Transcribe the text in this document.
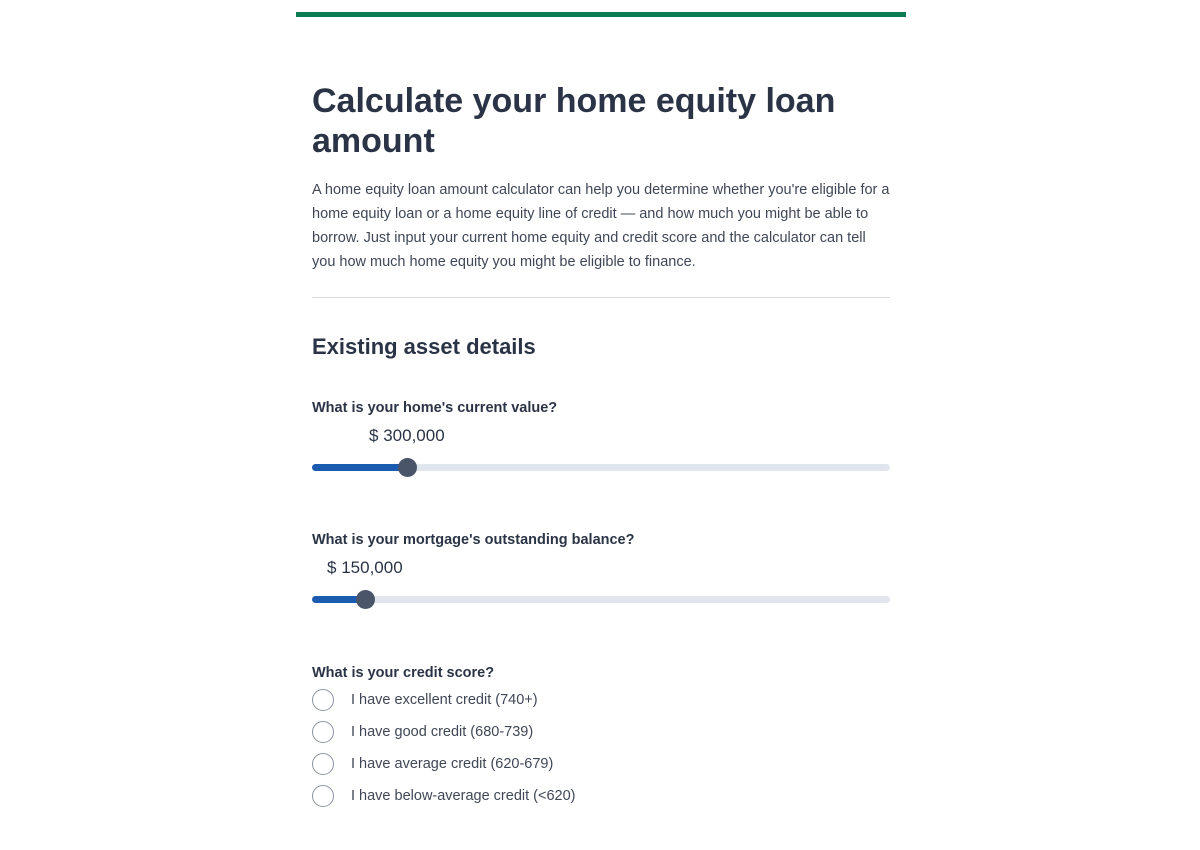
Calculate your home equity loan amount

A home equity loan amount calculator can help you determine whether you're eligible for a home equity loan or a home equity line of credit — and how much you might be able to borrow. Just input your current home equity and credit score and the calculator can tell you how much home equity you might be eligible to finance.

Existing asset details
What is your home's current value?
$ 300,000
What is your mortgage's outstanding balance?
$ 150,000
What is your credit score?
I have excellent credit (740+)
I have good credit (680-739)
I have average credit (620-679)
I have below-average credit (<620)
